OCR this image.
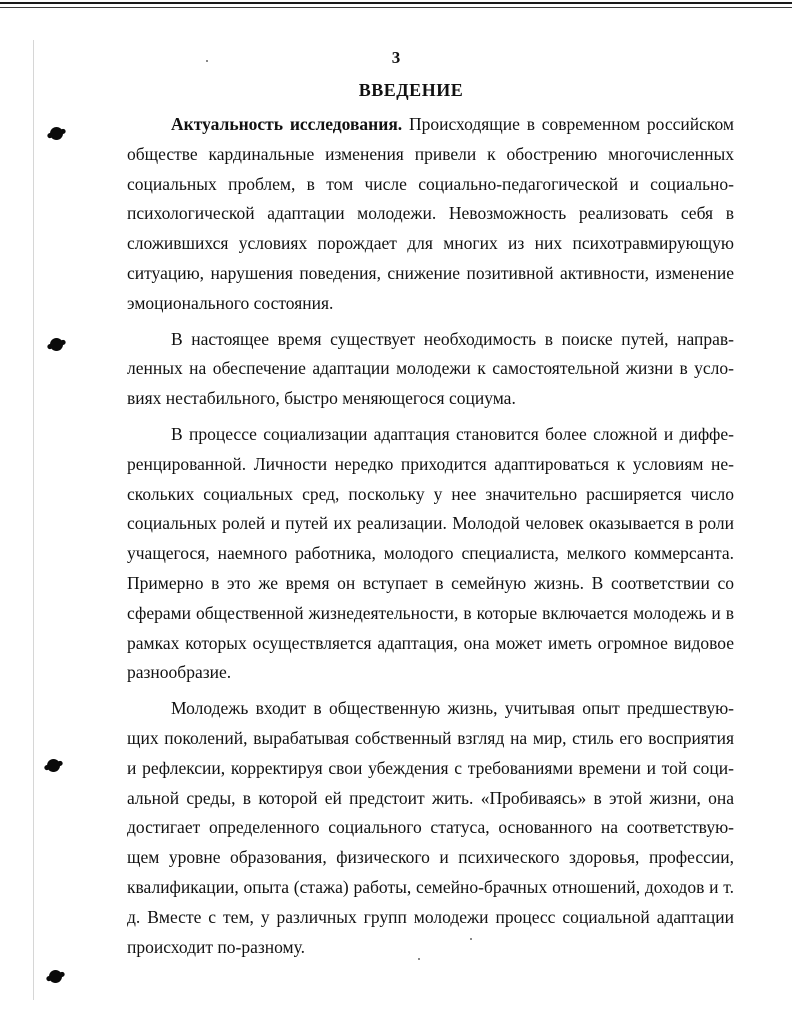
3
ВВЕДЕНИЕ

Актуальность исследования. Происходящие в современном российском обществе кардинальные изменения привели к обострению многочисленных социальных проблем, в том числе социально-педагогической и социально-психологической адаптации молодежи. Невозможность реализовать себя в сложившихся условиях порождает для многих из них психотравмирующую ситуацию, нарушения поведения, снижение позитивной активности, изменение эмоционального состояния.

В настоящее время существует необходимость в поиске путей, направленных на обеспечение адаптации молодежи к самостоятельной жизни в условиях нестабильного, быстро меняющегося социума.

В процессе социализации адаптация становится более сложной и дифференцированной. Личности нередко приходится адаптироваться к условиям нескольких социальных сред, поскольку у нее значительно расширяется число социальных ролей и путей их реализации. Молодой человек оказывается в роли учащегося, наемного работника, молодого специалиста, мелкого коммерсанта. Примерно в это же время он вступает в семейную жизнь. В соответствии со сферами общественной жизнедеятельности, в которые включается молодежь и в рамках которых осуществляется адаптация, она может иметь огромное видовое разнообразие.

Молодежь входит в общественную жизнь, учитывая опыт предшествующих поколений, вырабатывая собственный взгляд на мир, стиль его восприятия и рефлексии, корректируя свои убеждения с требованиями времени и той социальной среды, в которой ей предстоит жить. «Пробиваясь» в этой жизни, она достигает определенного социального статуса, основанного на соответствующем уровне образования, физического и психического здоровья, профессии, квалификации, опыта (стажа) работы, семейно-брачных отношений, доходов и т. д. Вместе с тем, у различных групп молодежи процесс социальной адаптации происходит по-разному.
